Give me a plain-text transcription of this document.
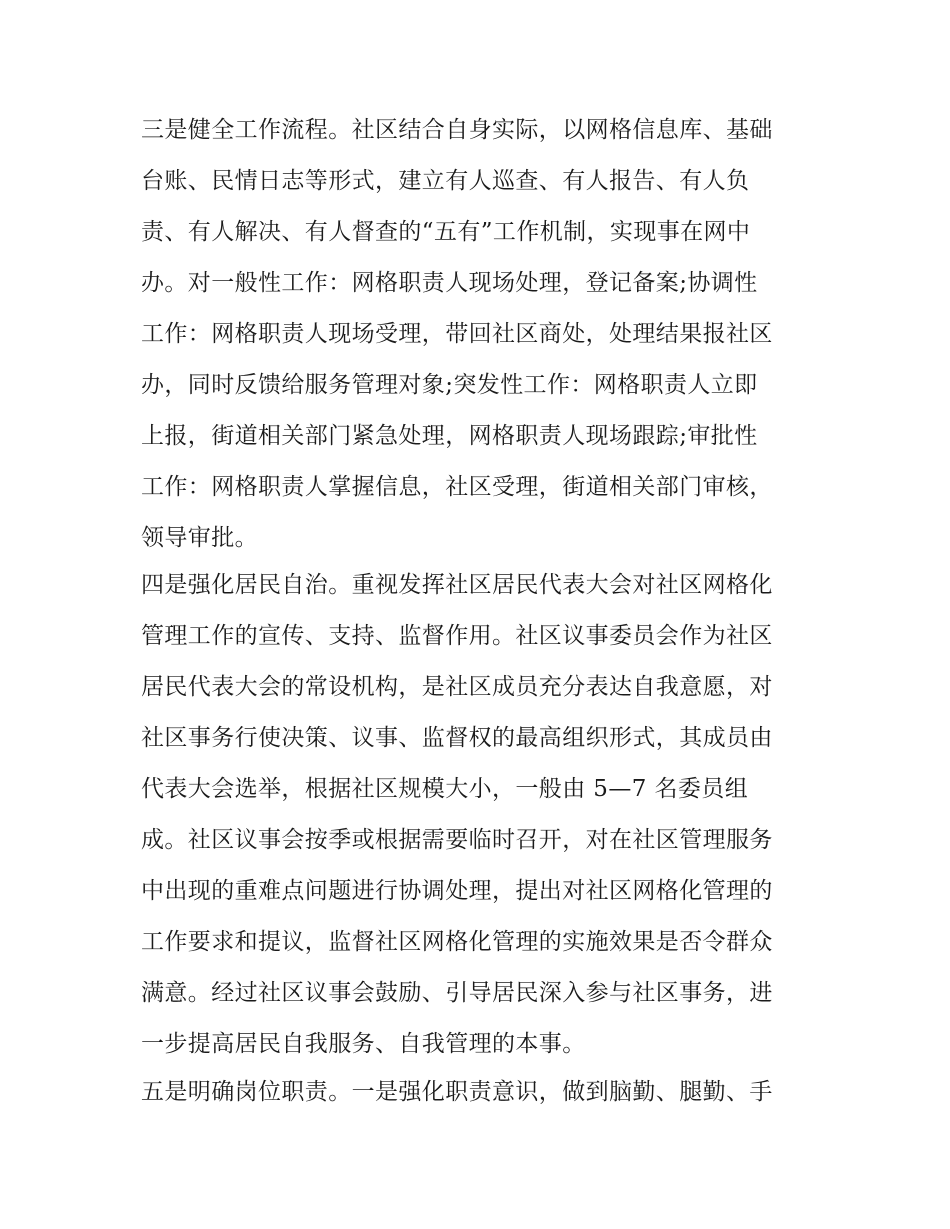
三是健全工作流程。社区结合自身实际，以网格信息库、基础
台账、民情日志等形式，建立有人巡查、有人报告、有人负
责、有人解决、有人督查的“五有”工作机制，实现事在网中
办。对一般性工作：网格职责人现场处理，登记备案;协调性
工作：网格职责人现场受理，带回社区商处，处理结果报社区
办，同时反馈给服务管理对象;突发性工作：网格职责人立即
上报，街道相关部门紧急处理，网格职责人现场跟踪;审批性
工作：网格职责人掌握信息，社区受理，街道相关部门审核，
领导审批。
四是强化居民自治。重视发挥社区居民代表大会对社区网格化
管理工作的宣传、支持、监督作用。社区议事委员会作为社区
居民代表大会的常设机构，是社区成员充分表达自我意愿，对
社区事务行使决策、议事、监督权的最高组织形式，其成员由
代表大会选举，根据社区规模大小，一般由 5—7 名委员组
成。社区议事会按季或根据需要临时召开，对在社区管理服务
中出现的重难点问题进行协调处理，提出对社区网格化管理的
工作要求和提议，监督社区网格化管理的实施效果是否令群众
满意。经过社区议事会鼓励、引导居民深入参与社区事务，进
一步提高居民自我服务、自我管理的本事。
五是明确岗位职责。一是强化职责意识，做到脑勤、腿勤、手
